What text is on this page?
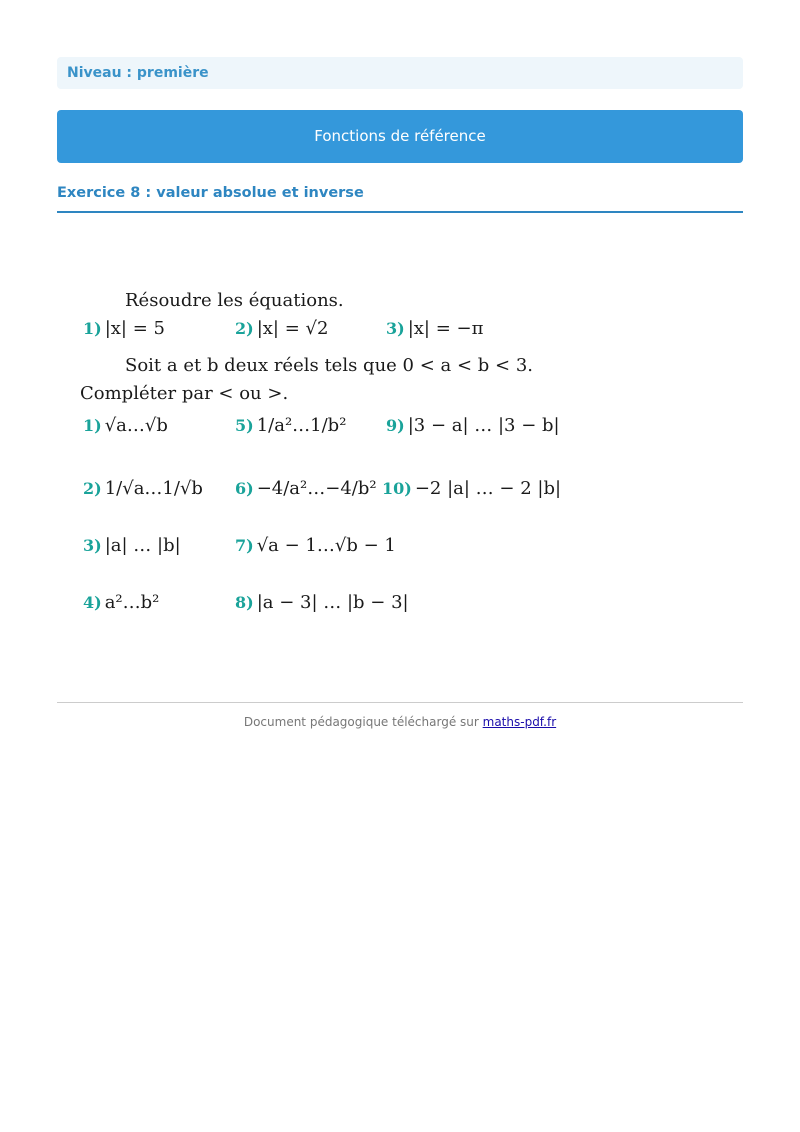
Niveau : première
Fonctions de référence
Exercice 8 : valeur absolue et inverse
Résoudre les équations.
1) |x| = 5	2) |x| = √2	3) |x| = −π
Soit a et b deux réels tels que 0 < a < b < 3.
Compléter par < ou >.
1) √a…√b	5) 1/a²…1/b² 9) |3 − a| … |3 − b|
2) 1/√a…1/√b 6) −4/a²…−4/b² 10) −2 |a| … − 2 |b|
3) |a| … |b|	7) √a − 1…√b − 1
4) a²…b²	8) |a − 3| … |b − 3|
Document pédagogique téléchargé sur maths-pdf.fr
